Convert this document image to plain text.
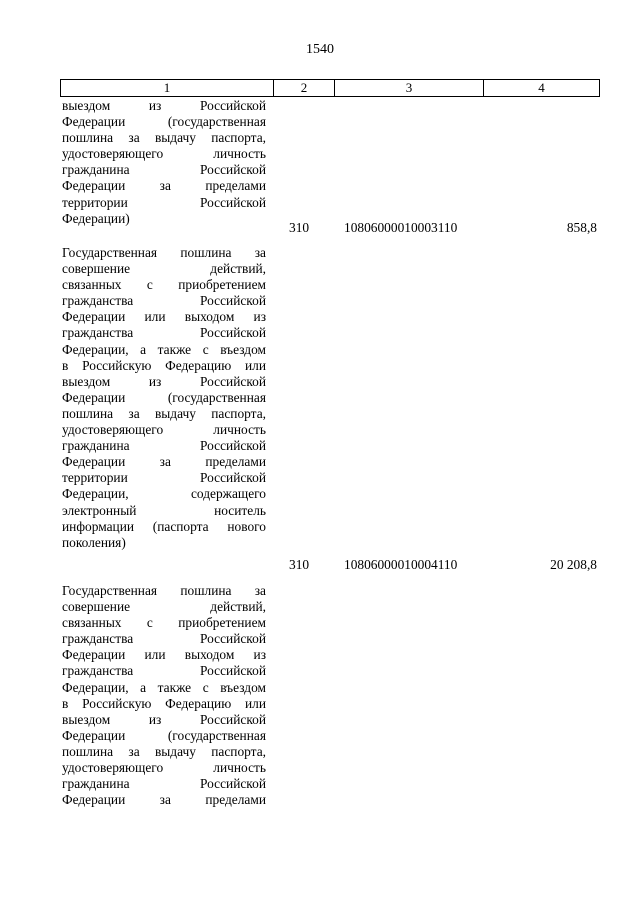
1540
1	2	3	4
выездом из Российской
Федерации (государственная
пошлина за выдачу паспорта,
удостоверяющего личность
гражданина Российской
Федерации за пределами
территории Российской
Федерации)
310	10806000010003110	858,8
Государственная пошлина за
совершение действий,
связанных с приобретением
гражданства Российской
Федерации или выходом из
гражданства Российской
Федерации, а также с въездом
в Российскую Федерацию или
выездом из Российской
Федерации (государственная
пошлина за выдачу паспорта,
удостоверяющего личность
гражданина Российской
Федерации за пределами
территории Российской
Федерации, содержащего
электронный носитель
информации (паспорта нового
поколения)
310	10806000010004110	20 208,8
Государственная пошлина за
совершение действий,
связанных с приобретением
гражданства Российской
Федерации или выходом из
гражданства Российской
Федерации, а также с въездом
в Российскую Федерацию или
выездом из Российской
Федерации (государственная
пошлина за выдачу паспорта,
удостоверяющего личность
гражданина Российской
Федерации за пределами
